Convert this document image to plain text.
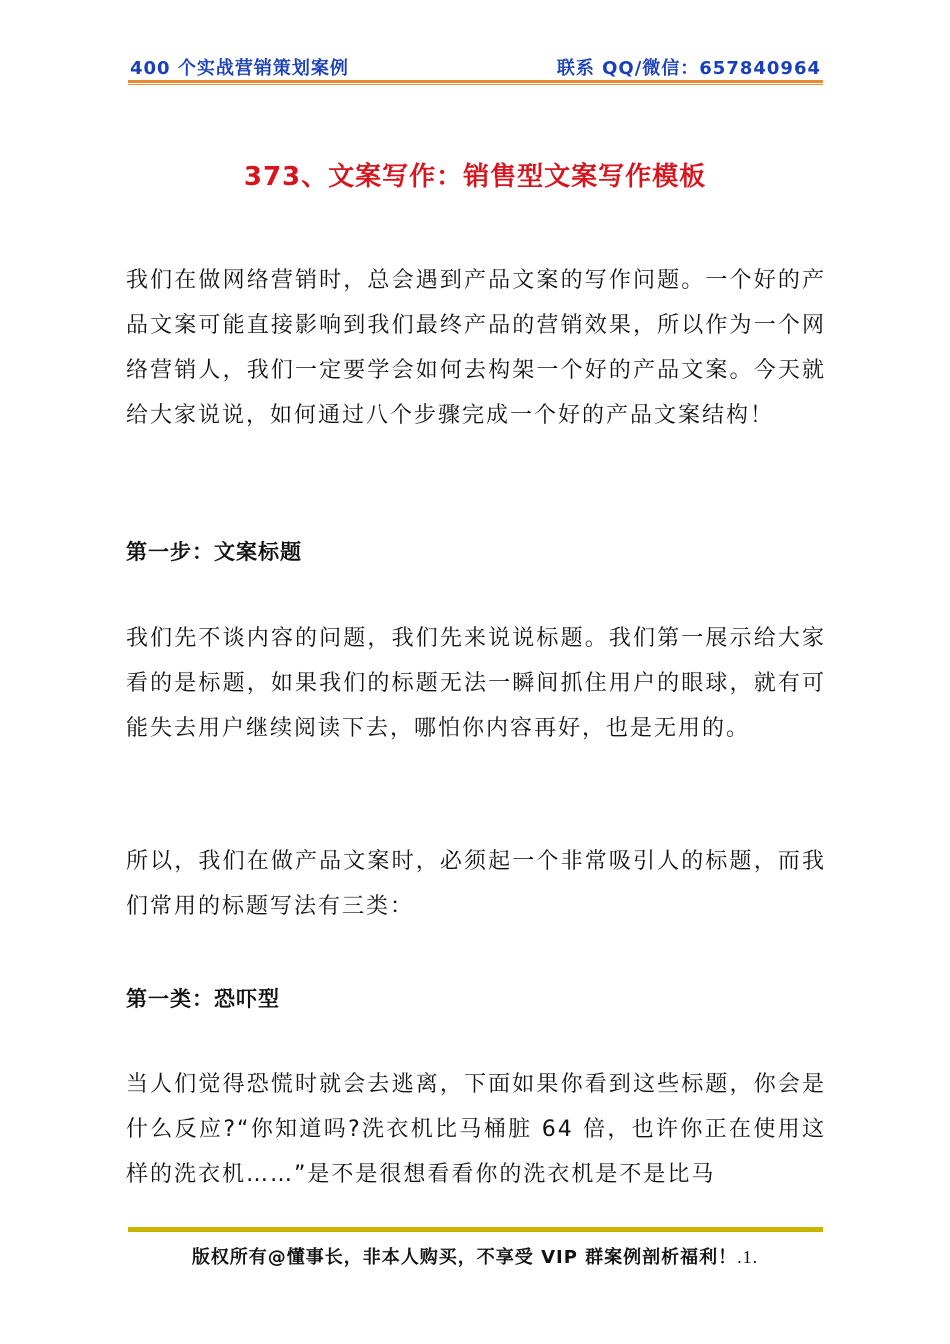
400 个实战营销策划案例	联系 QQ/微信：657840964
373、文案写作：销售型文案写作模板

我们在做网络营销时，总会遇到产品文案的写作问题。一个好的产品文案可能直接影响到我们最终产品的营销效果，所以作为一个网络营销人，我们一定要学会如何去构架一个好的产品文案。今天就给大家说说，如何通过八个步骤完成一个好的产品文案结构！

第一步：文案标题

我们先不谈内容的问题，我们先来说说标题。我们第一展示给大家看的是标题，如果我们的标题无法一瞬间抓住用户的眼球，就有可能失去用户继续阅读下去，哪怕你内容再好，也是无用的。

所以，我们在做产品文案时，必须起一个非常吸引人的标题，而我们常用的标题写法有三类：

第一类：恐吓型

当人们觉得恐慌时就会去逃离，下面如果你看到这些标题，你会是什么反应?“你知道吗?洗衣机比马桶脏 64 倍，也许你正在使用这样的洗衣机……”是不是很想看看你的洗衣机是不是比马

版权所有@懂事长，非本人购买，不享受 VIP 群案例剖析福利！.1.
